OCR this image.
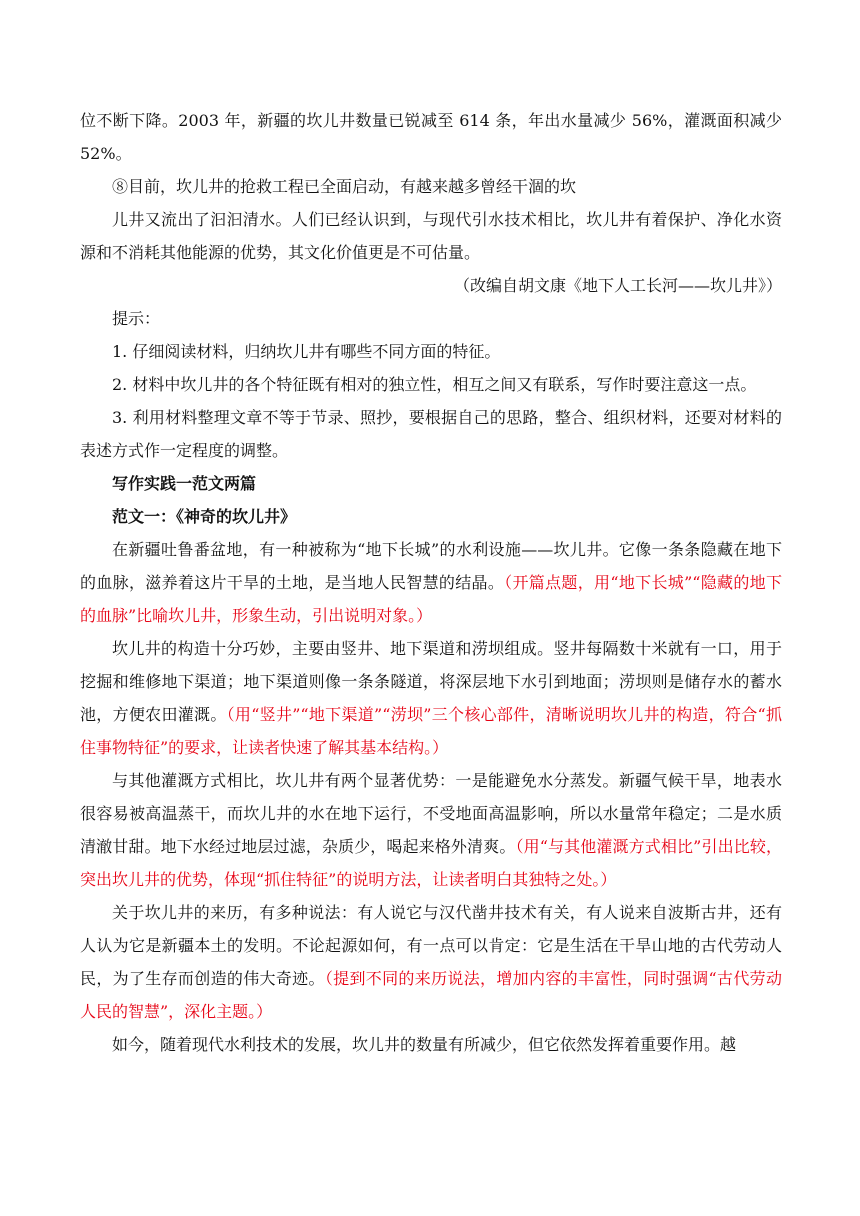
位不断下降。2003 年，新疆的坎儿井数量已锐减至 614 条，年出水量减少 56%，灌溉面积减少 52%。

⑧目前，坎儿井的抢救工程已全面启动，有越来越多曾经干涸的坎

儿井又流出了汩汩清水。人们已经认识到，与现代引水技术相比，坎儿井有着保护、净化水资源和不消耗其他能源的优势，其文化价值更是不可估量。

（改编自胡文康《地下人工长河——坎儿井》）

提示：

1. 仔细阅读材料，归纳坎儿井有哪些不同方面的特征。

2. 材料中坎儿井的各个特征既有相对的独立性，相互之间又有联系，写作时要注意这一点。

3. 利用材料整理文章不等于节录、照抄，要根据自己的思路，整合、组织材料，还要对材料的表述方式作一定程度的调整。

写作实践一范文两篇

范文一：《神奇的坎儿井》

在新疆吐鲁番盆地，有一种被称为“地下长城”的水利设施——坎儿井。它像一条条隐藏在地下的血脉，滋养着这片干旱的土地，是当地人民智慧的结晶。（开篇点题，用“地下长城”“隐藏的地下的血脉”比喻坎儿井，形象生动，引出说明对象。）

坎儿井的构造十分巧妙，主要由竖井、地下渠道和涝坝组成。竖井每隔数十米就有一口，用于挖掘和维修地下渠道；地下渠道则像一条条隧道，将深层地下水引到地面；涝坝则是储存水的蓄水池，方便农田灌溉。（用“竖井”“地下渠道”“涝坝”三个核心部件，清晰说明坎儿井的构造，符合“抓住事物特征”的要求，让读者快速了解其基本结构。）

与其他灌溉方式相比，坎儿井有两个显著优势：一是能避免水分蒸发。新疆气候干旱，地表水很容易被高温蒸干，而坎儿井的水在地下运行，不受地面高温影响，所以水量常年稳定；二是水质清澈甘甜。地下水经过地层过滤，杂质少，喝起来格外清爽。（用“与其他灌溉方式相比”引出比较，突出坎儿井的优势，体现“抓住特征”的说明方法，让读者明白其独特之处。）

关于坎儿井的来历，有多种说法：有人说它与汉代凿井技术有关，有人说来自波斯古井，还有人认为它是新疆本土的发明。不论起源如何，有一点可以肯定：它是生活在干旱山地的古代劳动人民，为了生存而创造的伟大奇迹。（提到不同的来历说法，增加内容的丰富性，同时强调“古代劳动人民的智慧”，深化主题。）

如今，随着现代水利技术的发展，坎儿井的数量有所减少，但它依然发挥着重要作用。越
